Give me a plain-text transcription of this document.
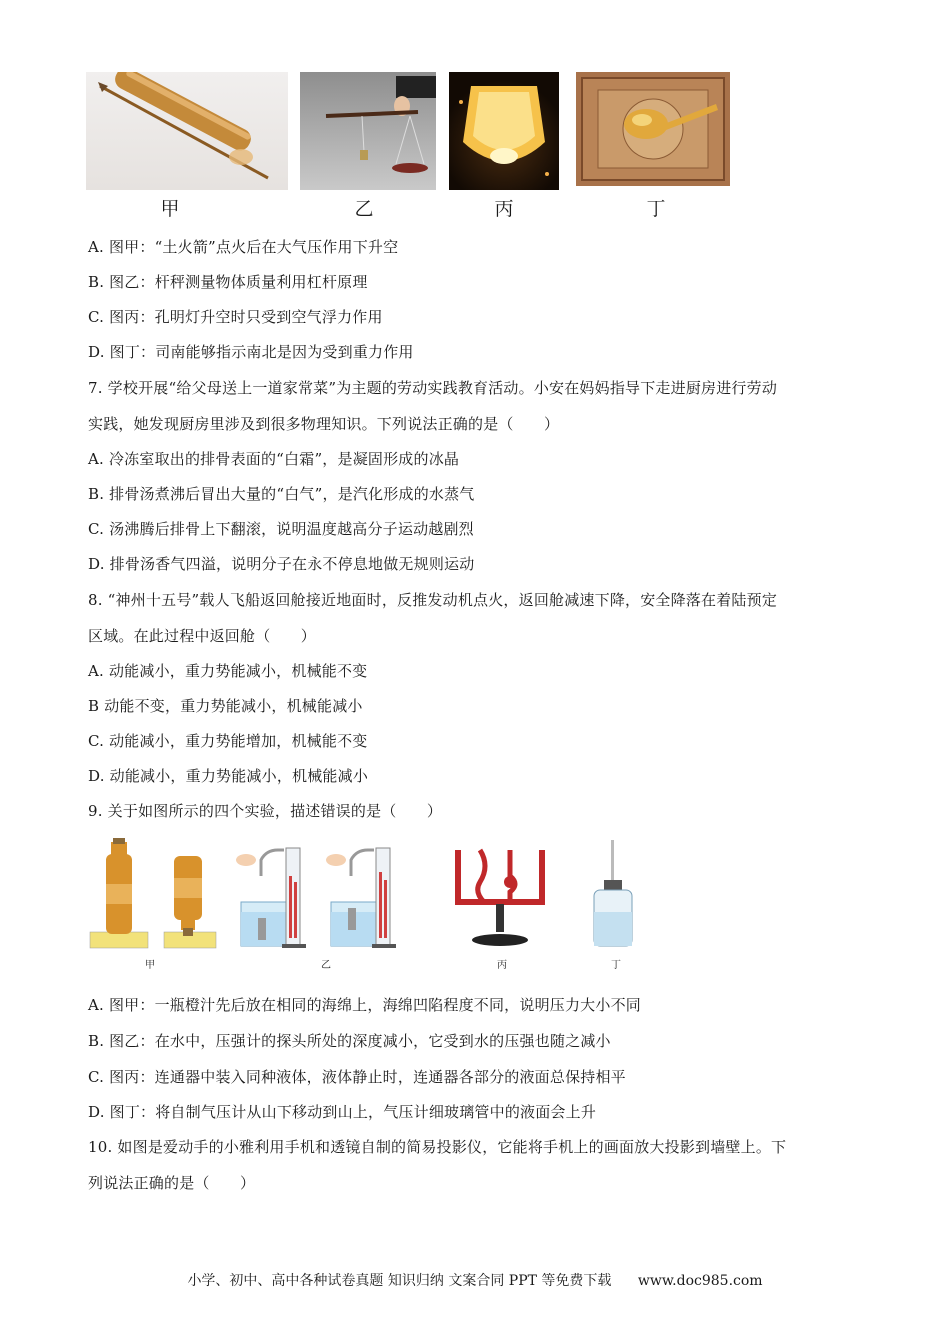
甲	乙	丙	丁
A. 图甲：“土火箭”点火后在大气压作用下升空
B. 图乙：杆秤测量物体质量利用杠杆原理
C. 图丙：孔明灯升空时只受到空气浮力作用
D. 图丁：司南能够指示南北是因为受到重力作用
7. 学校开展“给父母送上一道家常菜”为主题的劳动实践教育活动。小安在妈妈指导下走进厨房进行劳动
实践，她发现厨房里涉及到很多物理知识。下列说法正确的是（　　）
A. 冷冻室取出的排骨表面的“白霜”，是凝固形成的冰晶
B. 排骨汤煮沸后冒出大量的“白气”，是汽化形成的水蒸气
C. 汤沸腾后排骨上下翻滚，说明温度越高分子运动越剧烈
D. 排骨汤香气四溢，说明分子在永不停息地做无规则运动
8. “神州十五号”载人飞船返回舱接近地面时，反推发动机点火，返回舱减速下降，安全降落在着陆预定
区域。在此过程中返回舱（　　）
A. 动能减小，重力势能减小，机械能不变
B 动能不变，重力势能减小，机械能减小
C. 动能减小，重力势能增加，机械能不变
D. 动能减小，重力势能减小，机械能减小
9. 关于如图所示的四个实验，描述错误的是（　　）
甲	乙	丙	丁
A. 图甲：一瓶橙汁先后放在相同的海绵上，海绵凹陷程度不同，说明压力大小不同
B. 图乙：在水中，压强计的探头所处的深度减小，它受到水的压强也随之减小
C. 图丙：连通器中装入同种液体，液体静止时，连通器各部分的液面总保持相平
D. 图丁：将自制气压计从山下移动到山上，气压计细玻璃管中的液面会上升
10. 如图是爱动手的小雅利用手机和透镜自制的简易投影仪，它能将手机上的画面放大投影到墙壁上。下
列说法正确的是（　　）
小学、初中、高中各种试卷真题 知识归纳 文案合同 PPT 等免费下载 www.doc985.com
